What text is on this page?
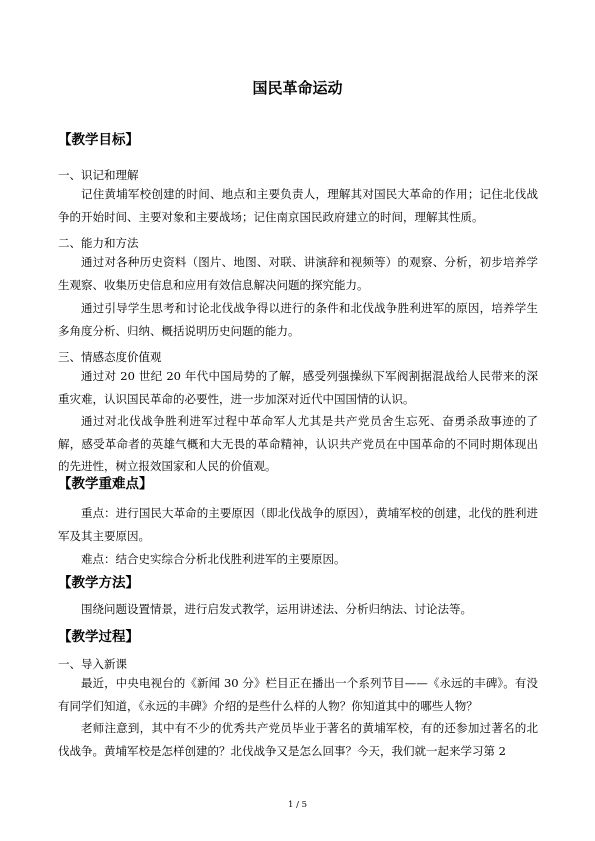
国民革命运动
【教学目标】
一、识记和理解

记住黄埔军校创建的时间、地点和主要负责人，理解其对国民大革命的作用；记住北伐战争的开始时间、主要对象和主要战场；记住南京国民政府建立的时间，理解其性质。

二、能力和方法

通过对各种历史资料（图片、地图、对联、讲演辞和视频等）的观察、分析，初步培养学生观察、收集历史信息和应用有效信息解决问题的探究能力。

通过引导学生思考和讨论北伐战争得以进行的条件和北伐战争胜利进军的原因，培养学生多角度分析、归纳、概括说明历史问题的能力。

三、情感态度价值观

通过对 20 世纪 20 年代中国局势的了解，感受列强操纵下军阀割据混战给人民带来的深重灾难，认识国民革命的必要性，进一步加深对近代中国国情的认识。

通过对北伐战争胜利进军过程中革命军人尤其是共产党员舍生忘死、奋勇杀敌事迹的了解，感受革命者的英雄气概和大无畏的革命精神，认识共产党员在中国革命的不同时期体现出的先进性，树立报效国家和人民的价值观。

【教学重难点】

重点：进行国民大革命的主要原因（即北伐战争的原因），黄埔军校的创建，北伐的胜利进军及其主要原因。

难点：结合史实综合分析北伐胜利进军的主要原因。

【教学方法】

围绕问题设置情景，进行启发式教学，运用讲述法、分析归纳法、讨论法等。

【教学过程】
一、导入新课

最近，中央电视台的《新闻 30 分》栏目正在播出一个系列节目——《永远的丰碑》。有没有同学们知道，《永远的丰碑》介绍的是些什么样的人物？你知道其中的哪些人物？

老师注意到，其中有不少的优秀共产党员毕业于著名的黄埔军校，有的还参加过著名的北伐战争。黄埔军校是怎样创建的？北伐战争又是怎么回事？今天，我们就一起来学习第 2

1 / 5
